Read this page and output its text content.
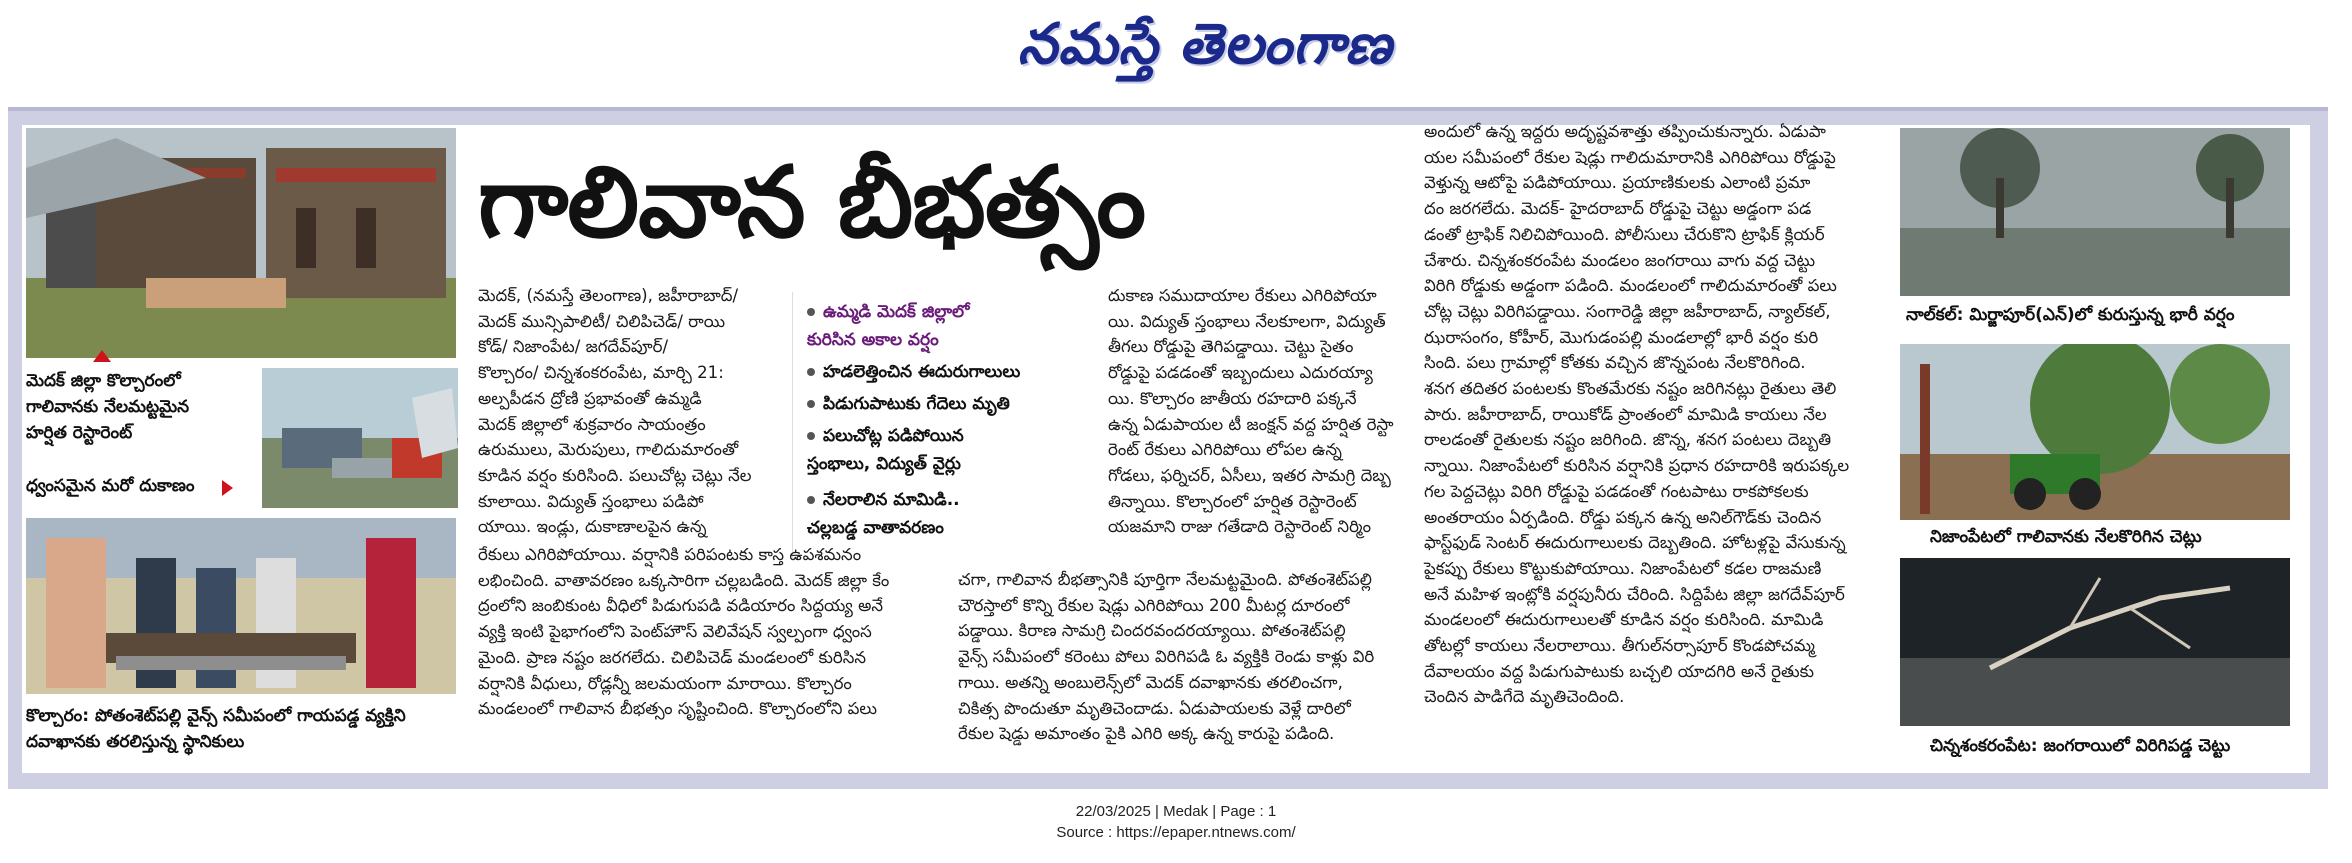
నమస్తే తెలంగాణ
మెదక్ జిల్లా కొల్చారంలో
గాలివానకు నేలమట్టమైన
హర్షిత రెస్టారెంట్
ధ్వంసమైన మరో దుకాణం
కొల్చారం: పోతంశెట్‌పల్లి వైన్స్ సమీపంలో గాయపడ్డ వ్యక్తిని
దవాఖానకు తరలిస్తున్న స్థానికులు
గాలివాన బీభత్సం
మెదక్, (నమస్తే తెలంగాణ), జహీరాబాద్/
మెదక్ మున్సిపాలిటీ/ చిలిపిచెడ్/ రాయి
కోడ్/ నిజాంపేట/ జగదేవ్‌పూర్/
కొల్చారం/ చిన్నశంకరంపేట, మార్చి 21:
అల్పపీడన ద్రోణి ప్రభావంతో ఉమ్మడి
మెదక్ జిల్లాలో శుక్రవారం సాయంత్రం
ఉరుములు, మెరుపులు, గాలిదుమారంతో
కూడిన వర్షం కురిసింది. పలుచోట్ల చెట్లు నేల
కూలాయి. విద్యుత్ స్తంభాలు పడిపో
యాయి. ఇండ్లు, దుకాణాలపైన ఉన్న
ఉమ్మడి మెదక్ జిల్లాలో
కురిసిన అకాల వర్షం
హడలెత్తించిన ఈదురుగాలులు
పిడుగుపాటుకు గేదెలు మృతి
పలుచోట్ల పడిపోయిన
స్తంభాలు, విద్యుత్ వైర్లు
నేలరాలిన మామిడి..
చల్లబడ్డ వాతావరణం
రేకులు ఎగిరిపోయాయి. వర్షానికి పరిపంటకు కాస్త ఉపశమనం
లభించింది. వాతావరణం ఒక్కసారిగా చల్లబడింది. మెదక్ జిల్లా కేం
ద్రంలోని జంబికుంట వీధిలో పిడుగుపడి వడియారం సిద్దయ్య అనే
వ్యక్తి ఇంటి పైభాగంలోని పెంట్‌హౌస్ వెలివేషన్ స్వల్పంగా ధ్వంస
మైంది. ప్రాణ నష్టం జరగలేదు. చిలిపిచెడ్ మండలంలో కురిసిన
వర్షానికి వీధులు, రోడ్లన్నీ జలమయంగా మారాయి. కొల్చారం
మండలంలో గాలివాన బీభత్సం సృష్టించింది. కొల్చారంలోని పలు
దుకాణ సముదాయాల రేకులు ఎగిరిపోయా
యి. విద్యుత్ స్తంభాలు నేలకూలగా, విద్యుత్
తీగలు రోడ్డుపై తెగిపడ్డాయి. చెట్టు సైతం
రోడ్డుపై పడడంతో ఇబ్బందులు ఎదురయ్యా
యి. కొల్చారం జాతీయ రహదారి పక్కనే
ఉన్న ఏడుపాయల టీ జంక్షన్ వద్ద హర్షిత రెస్టా
రెంట్ రేకులు ఎగిరిపోయి లోపల ఉన్న
గోడలు, ఫర్నిచర్, ఏసీలు, ఇతర సామగ్రి దెబ్బ
తిన్నాయి. కొల్చారంలో హర్షిత రెస్టారెంట్
యజమాని రాజు గతేడాది రెస్టారెంట్ నిర్మిం
చగా, గాలివాన బీభత్సానికి పూర్తిగా నేలమట్టమైంది. పోతంశెట్‌పల్లి
చౌరస్తాలో కొన్ని రేకుల షెడ్లు ఎగిరిపోయి 200 మీటర్ల దూరంలో
పడ్డాయి. కిరాణ సామగ్రి చిందరవందరయ్యాయి. పోతంశెట్‌పల్లి
వైన్స్ సమీపంలో కరెంటు పోలు విరిగిపడి ఓ వ్యక్తికి రెండు కాళ్లు విరి
గాయి. అతన్ని అంబులెన్స్‌లో మెదక్ దవాఖానకు తరలించగా,
చికిత్స పొందుతూ మృతిచెందాడు. ఏడుపాయలకు వెళ్లే దారిలో
రేకుల షెడ్డు అమాంతం పైకి ఎగిరి అక్క ఉన్న కారుపై పడింది.
అందులో ఉన్న ఇద్దరు అదృష్టవశాత్తు తప్పించుకున్నారు. ఏడుపా
యల సమీపంలో రేకుల షెడ్లు గాలిదుమారానికి ఎగిరిపోయి రోడ్డుపై
వెళ్తున్న ఆటోపై పడిపోయాయి. ప్రయాణికులకు ఎలాంటి ప్రమా
దం జరగలేదు. మెదక్- హైదరాబాద్ రోడ్డుపై చెట్టు అడ్డంగా పడ
డంతో ట్రాఫిక్ నిలిచిపోయింది. పోలీసులు చేరుకొని ట్రాఫిక్ క్లియర్
చేశారు. చిన్నశంకరంపేట మండలం జంగరాయి వాగు వద్ద చెట్టు
విరిగి రోడ్డుకు అడ్డంగా పడింది. మండలంలో గాలిదుమారంతో పలు
చోట్ల చెట్లు విరిగిపడ్డాయి. సంగారెడ్డి జిల్లా జహీరాబాద్, న్యాల్‌కల్,
ఝరాసంగం, కోహీర్, మొగుడంపల్లి మండలాల్లో భారీ వర్షం కురి
సింది. పలు గ్రామాల్లో కోతకు వచ్చిన జొన్నపంట నేలకొరిగింది.
శనగ తదితర పంటలకు కొంతమేరకు నష్టం జరిగినట్లు రైతులు తెలి
పారు. జహీరాబాద్, రాయికోడ్ ప్రాంతంలో మామిడి కాయలు నేల
రాలడంతో రైతులకు నష్టం జరిగింది. జొన్న, శనగ పంటలు దెబ్బతి
న్నాయి. నిజాంపేటలో కురిసిన వర్షానికి ప్రధాన రహదారికి ఇరుపక్కల
గల పెద్దచెట్లు విరిగి రోడ్డుపై పడడంతో గంటపాటు రాకపోకలకు
అంతరాయం ఏర్పడింది. రోడ్డు పక్కన ఉన్న అనిల్‌గౌడ్‌కు చెందిన
ఫాస్ట్‌ఫుడ్ సెంటర్ ఈదురుగాలులకు దెబ్బతింది. హోటళ్లపై వేసుకున్న
పైకప్పు రేకులు కొట్టుకుపోయాయి. నిజాంపేటలో కడల రాజమణి
అనే మహిళ ఇంట్లోకి వర్షపునీరు చేరింది. సిద్దిపేట జిల్లా జగదేవ్‌పూర్
మండలంలో ఈదురుగాలులతో కూడిన వర్షం కురిసింది. మామిడి
తోటల్లో కాయలు నేలరాలాయి. తీగుల్‌నర్సాపూర్ కొండపోచమ్మ
దేవాలయం వద్ద పిడుగుపాటుకు బచ్చలి యాదగిరి అనే రైతుకు
చెందిన పాడిగేదె మృతిచెందింది.
నాల్‌కల్: మిర్జాపూర్(ఎన్)లో కురుస్తున్న భారీ వర్షం
నిజాంపేటలో గాలివానకు నేలకొరిగిన చెట్లు
చిన్నశంకరంపేట: జంగరాయిలో విరిగిపడ్డ చెట్టు
22/03/2025 | Medak | Page : 1
Source : https://epaper.ntnews.com/
